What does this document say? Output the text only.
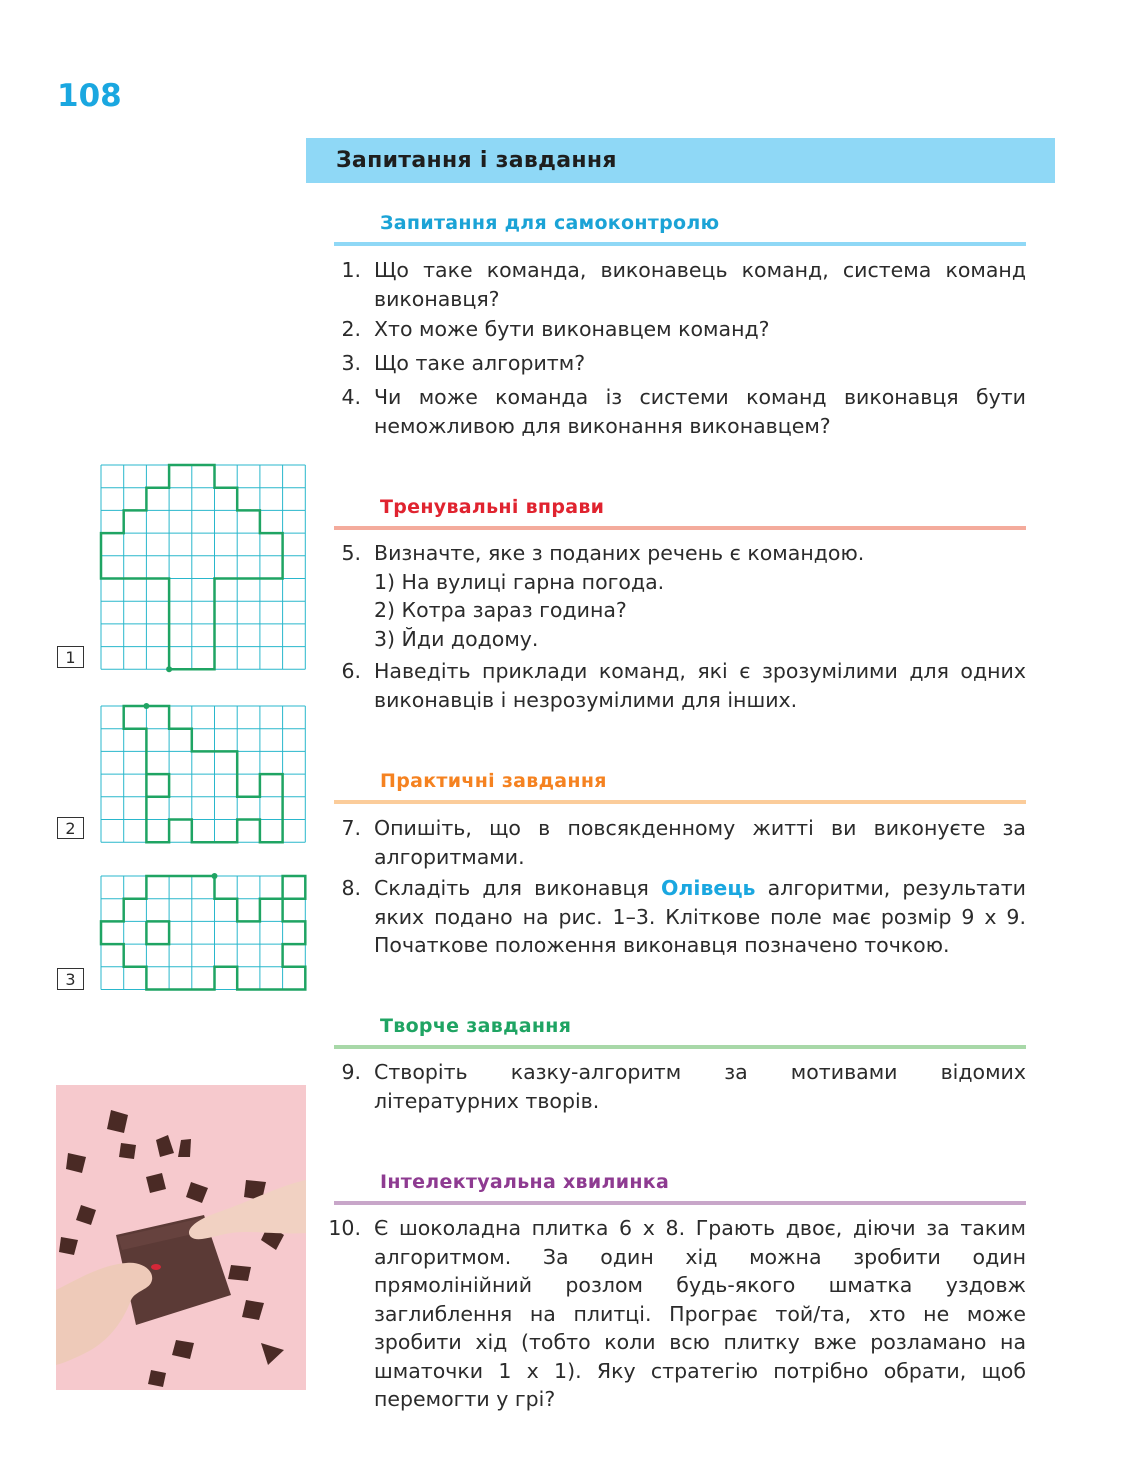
108
Запитання і завдання
Запитання для самоконтролю
1. Що таке команда, виконавець команд, система команд виконавця?
2. Хто може бути виконавцем команд?
3. Що таке алгоритм?
4. Чи може команда із системи команд виконавця бути неможливою для виконання виконавцем?
Тренувальні вправи
5. Визначте, яке з поданих речень є командою.

1) На вулиці гарна погода.

2) Котра зараз година?

3) Йди додому.

6. Наведіть приклади команд, які є зрозумілими для одних виконавців і незрозумілими для інших.
Практичні завдання
7. Опишіть, що в повсякденному житті ви виконуєте за алгоритмами.
8. Складіть для виконавця Олівець алгоритми, результати яких подано на рис. 1–3. Кліткове поле має розмір 9 x 9. Початкове положення виконавця позначено точкою.
Творче завдання
9. Створіть казку-алгоритм за мотивами відомих літературних творів.
Інтелектуальна хвилинка
10. Є шоколадна плитка 6 х 8. Грають двоє, діючи за таким алгоритмом. За один хід можна зробити один прямолінійний розлом будь-якого шматка уздовж заглиблення на плитці. Програє той/та, хто не може зробити хід (тобто коли всю плитку вже розламано на шматочки 1 x 1). Яку стратегію потрібно обрати, щоб перемогти у грі?
1
2
3
